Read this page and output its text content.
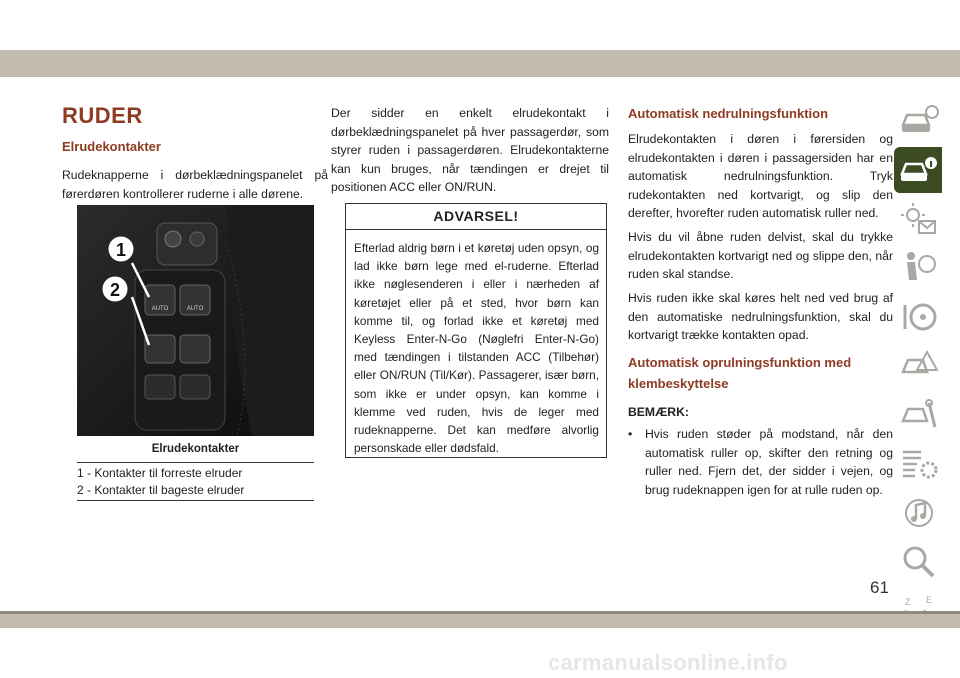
RUDER
Elrudekontakter

Rudeknapperne i dørbeklædningspanelet på førerdøren kontrollerer ruderne i alle dørene.

AUTO	AUTO
1
2
Elrudekontakter
1 - Kontakter til forreste elruder
2 - Kontakter til bageste elruder

Der sidder en enkelt elrudekontakt i dørbeklædningspanelet på hver passagerdør, som styrer ruden i passagerdøren. Elrudekontakterne kan kun bruges, når tændingen er drejet til positionen ACC eller ON/RUN.

ADVARSEL!

Efterlad aldrig børn i et køretøj uden opsyn, og lad ikke børn lege med el-ruderne. Efterlad ikke nøglesenderen i eller i nærheden af køretøjet eller på et sted, hvor børn kan komme til, og forlad ikke et køretøj med Keyless Enter-N-Go (Nøglefri Enter-N-Go) med tændingen i tilstanden ACC (Tilbehør) eller ON/RUN (Til/Kør). Passagerer, især børn, som ikke er under opsyn, kan komme i klemme ved ruden, hvis de leger med rudeknapperne. Det kan medføre alvorlig personskade eller dødsfald.

Automatisk nedrulningsfunktion

Elrudekontakten i døren i førersiden og elrudekontakten i døren i passagersiden har en automatisk nedrulningsfunktion. Tryk rudekontakten ned kortvarigt, og slip den derefter, hvorefter ruden automatisk ruller ned.

Hvis du vil åbne ruden delvist, skal du trykke elrudekontakten kortvarigt ned og slippe den, når ruden skal standse.

Hvis ruden ikke skal køres helt ned ved brug af den automatiske nedrulningsfunktion, skal du kortvarigt trække kontakten opad.

Automatisk oprulningsfunktion med klembeskyttelse
BEMÆRK:
•	Hvis ruden støder på modstand, når den automatisk ruller op, skifter den retning og ruller ned. Fjern det, der sidder i vejen, og brug rudeknappen igen for at rulle ruden op.
Z E
61
carmanualsonline.info
